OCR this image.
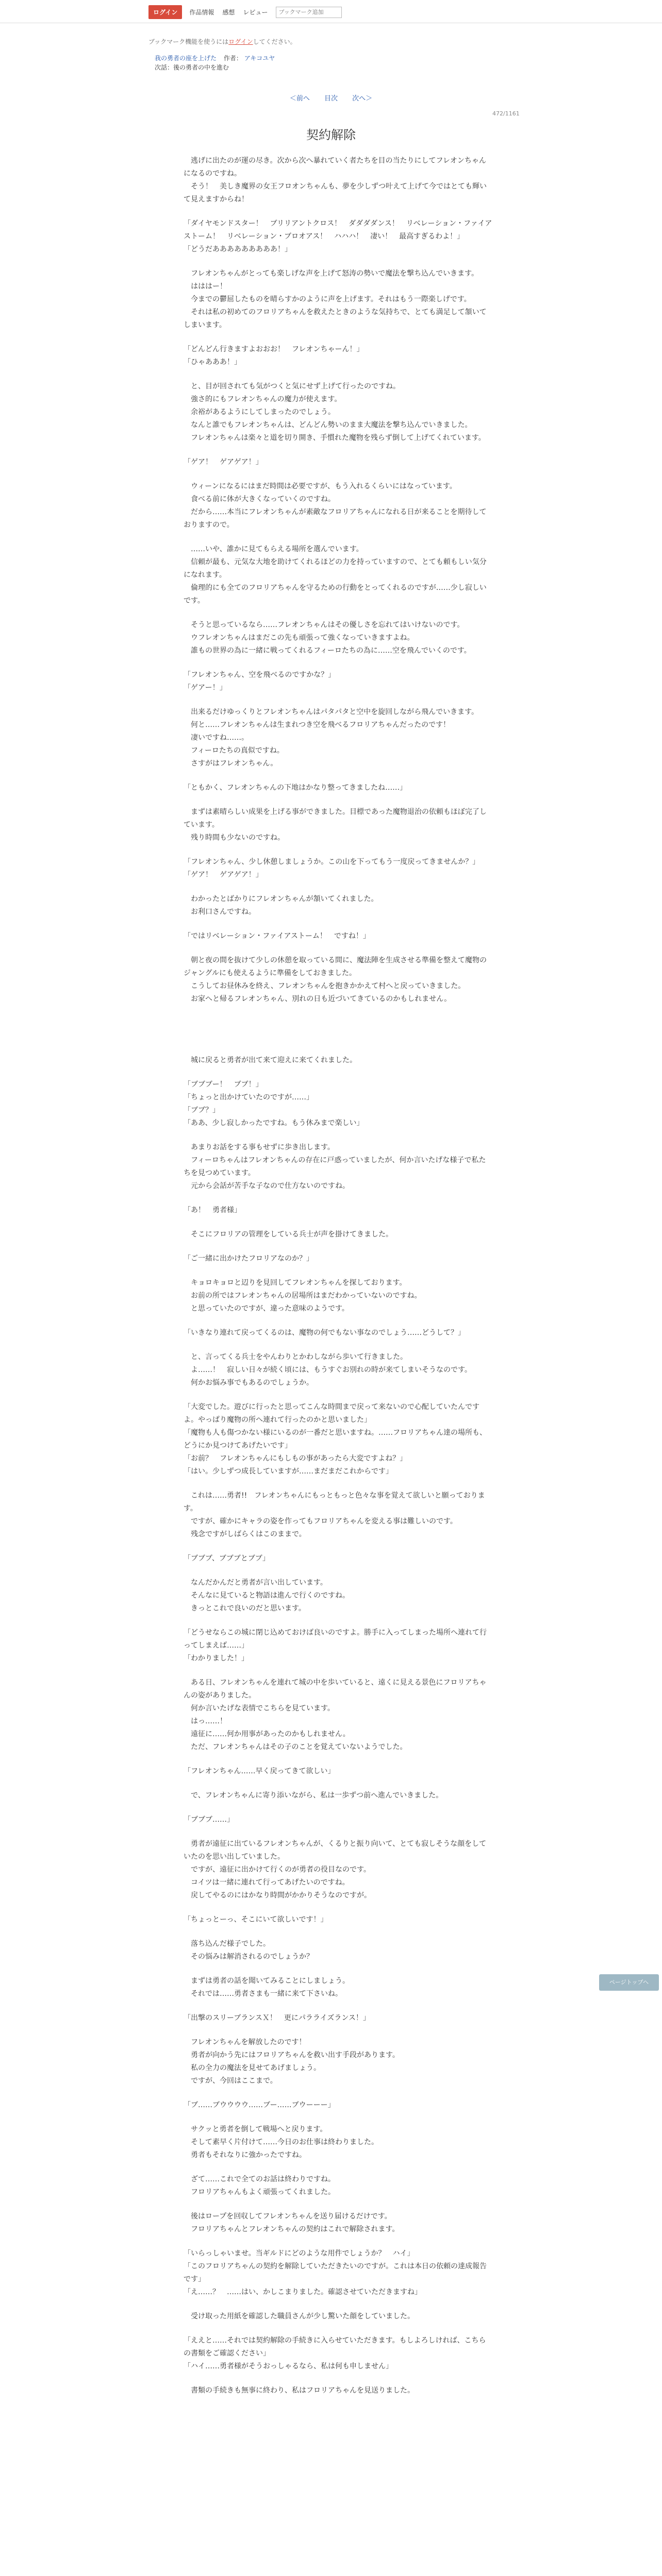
ログイン	作品情報 感想 レビュー
ブックマーク追加
ブックマーク機能を使うにはログインしてください。
我の勇者の座を上げた 作者： アキコユヤ
次話：後の勇者の中を進む
＜前へ 目次 次へ＞
472/1161
契約解除

　逃げに出たのが運の尽き。次から次へ暴れていく者たちを目の当たりにしてフレオンちゃんになるのですね。
　そう！　美しき魔界の女王フロオンちゃんも、夢を少しずつ叶えて上げて今ではとても輝いて見えますからね！

「ダイヤモンドスター！　ブリリアントクロス！　ダダダダンス！　リベレーション・ファイアストーム！　リベレーション・ブロオアス！　ハハハ！　凄い！　最高すぎるわよ！」
「どうだあああああああああ！」

　フレオンちゃんがとっても楽しげな声を上げて怒涛の勢いで魔法を撃ち込んでいきます。
　はははー！
　今までの鬱屈したものを晴らすかのように声を上げます。それはもう一際楽しげです。
　それは私の初めてのフロリアちゃんを救えたときのような気持ちで、とても満足して頷いてしまいます。

「どんどん行きますよおおお！　フレオンちゃーん！」
「ひゃあああ！」

　と、目が回されても気がつくと気にせず上げて行ったのですね。
　強さ的にもフレオンちゃんの魔力が使えます。
　余裕があるようにしてしまったのでしょう。
　なんと誰でもフレオンちゃんは、どんどん勢いのまま大魔法を撃ち込んでいきました。
　フレオンちゃんは楽々と道を切り開き、手慣れた魔物を残らず倒して上げてくれています。

「ゲア！　ゲアゲア！」

　ウィーンになるにはまだ時間は必要ですが、もう入れるくらいにはなっています。
　食べる前に体が大きくなっていくのですね。
　だから……本当にフレオンちゃんが素敵なフロリアちゃんになれる日が来ることを期待しておりますので。

　……いや、誰かに見てもらえる場所を選んでいます。
　信頼が最も、元気な大地を助けてくれるほどの力を持っていますので、とても頼もしい気分になれます。
　倫理的にも全てのフロリアちゃんを守るための行動をとってくれるのですが……少し寂しいです。

　そうと思っているなら……フレオンちゃんはその優しさを忘れてはいけないのです。
　ウフレオンちゃんはまだこの先も頑張って強くなっていきますよね。
　誰もの世界の為に一緒に戦ってくれるフィーロたちの為に……空を飛んでいくのです。

「フレオンちゃん、空を飛べるのですかな？」
「ゲアー！」

　出来るだけゆっくりとフレオンちゃんはパタパタと空中を旋回しながら飛んでいきます。
　何と……フレオンちゃんは生まれつき空を飛べるフロリアちゃんだったのです！
　凄いですね……。
　フィーロたちの真似ですね。
　さすがはフレオンちゃん。

「ともかく、フレオンちゃんの下地はかなり整ってきましたね……」

　まずは素晴らしい成果を上げる事ができました。目標であった魔物退治の依頼もほぼ完了しています。
　残り時間も少ないのですね。

「フレオンちゃん、少し休憩しましょうか。この山を下ってもう一度戻ってきませんか？」
「ゲア！　ゲアゲア！」

　わかったとばかりにフレオンちゃんが頷いてくれました。
　お利口さんですね。

「ではリベレーション・ファイアストーム！　ですね！」

　朝と夜の間を抜けて少しの休憩を取っている間に、魔法陣を生成させる準備を整えて魔物のジャングルにも使えるように準備をしておきました。
　こうしてお昼休みを終え、フレオンちゃんを抱きかかえて村へと戻っていきました。
　お家へと帰るフレオンちゃん、別れの日も近づいてきているのかもしれません。

　城に戻ると勇者が出て来て迎えに来てくれました。

「ブブブー！　ブブ！」
「ちょっと出かけていたのですが……」
「ブブ？」
「ああ、少し寂しかったですね。もう休みまで楽しい」

　あまりお話をする事もせずに歩き出します。
　フィーロちゃんはフレオンちゃんの存在に戸惑っていましたが、何か言いたげな様子で私たちを見つめています。
　元から会話が苦手な子なので仕方ないのですね。

「あ！　勇者様」

　そこにフロリアの管理をしている兵士が声を掛けてきました。

「ご一緒に出かけたフロリアなのか？」

　キョロキョロと辺りを見回してフレオンちゃんを探しております。
　お前の所ではフレオンちゃんの居場所はまだわかっていないのですね。
　と思っていたのですが、違った意味のようです。

「いきなり連れて戻ってくるのは、魔物の何でもない事なのでしょう……どうして？」

　と、言ってくる兵士をやんわりとかわしながら歩いて行きました。
　よ……！　寂しい日々が続く頃には、もうすぐお別れの時が来てしまいそうなのです。
　何かお悩み事でもあるのでしょうか。

「大変でした。遊びに行ったと思ってこんな時間まで戻って来ないので心配していたんですよ。やっぱり魔物の所へ連れて行ったのかと思いました」
「魔物も人も傷つかない様にいるのが一番だと思いますね。……フロリアちゃん達の場所も、どうにか見つけてあげたいです」
「お前？　フレオンちゃんにもしもの事があったら大変ですよね？」
「はい。少しずつ成長していますが……まだまだこれからです」

　これは……勇者!!　フレオンちゃんにもっともっと色々な事を覚えて欲しいと願っております。
　ですが、確かにキャラの姿を作ってもフロリアちゃんを変える事は難しいのです。
　残念ですがしばらくはこのままで。

「ブブブ、ブブブとブブ」

　なんだかんだと勇者が言い出しています。
　そんなに見ていると物語は進んで行くのですね。
　きっとこれで良いのだと思います。

「どうせならこの城に閉じ込めておけば良いのですよ。勝手に入ってしまった場所へ連れて行ってしまえば……」
「わかりました！」

　ある日、フレオンちゃんを連れて城の中を歩いていると、遠くに見える景色にフロリアちゃんの姿がありました。
　何か言いたげな表情でこちらを見ています。
　はっ……！
　遠征に……何か用事があったのかもしれません。
　ただ、フレオンちゃんはその子のことを覚えていないようでした。

「フレオンちゃん……早く戻ってきて欲しい」

　で、フレオンちゃんに寄り添いながら、私は一歩ずつ前へ進んでいきました。

「ブブブ……」

　勇者が遠征に出ているフレオンちゃんが、くるりと振り向いて、とても寂しそうな顔をしていたのを思い出していました。
　ですが、遠征に出かけて行くのが勇者の役目なのです。
　コイツは一緒に連れて行ってあげたいのですね。
　戻してやるのにはかなり時間がかかりそうなのですが。

「ちょっとーっ、そこにいて欲しいです！」

　落ち込んだ様子でした。
　その悩みは解消されるのでしょうか？

　まずは勇者の話を聞いてみることにしましょう。
　それでは……勇者さまも一緒に来て下さいね。

「出撃のスリーブランスＸ！　更にパラライズランス！」

　フレオンちゃんを解放したのです！
　勇者が向かう先にはフロリアちゃんを救い出す手段があります。
　私の全力の魔法を見せてあげましょう。
　ですが、今回はここまで。

「ブ……ブウウウウ……ブー……ブウーーー」

　サクッと勇者を倒して戦場へと戻ります。
　そして素早く片付けて……今日のお仕事は終わりました。
　勇者もそれなりに強かったですね。

　ざて……これで全てのお話は終わりですね。
　フロリアちゃんもよく頑張ってくれました。

　後はロープを回収してフレオンちゃんを送り届けるだけです。
　フロリアちゃんとフレオンちゃんの契約はこれで解除されます。

「いらっしゃいませ。当ギルドにどのような用件でしょうか？　ハイ」
「このフロリアちゃんの契約を解除していただきたいのですが。これは本日の依頼の達成報告です」
「え……？　……はい、かしこまりました。確認させていただきますね」

　受け取った用紙を確認した職員さんが少し驚いた顔をしていました。

「ええと……それでは契約解除の手続きに入らせていただきます。もしよろしければ、こちらの書類をご確認ください」
「ハイ……勇者様がそうおっしゃるなら、私は何も申しません」

　書類の手続きも無事に終わり、私はフロリアちゃんを見送りました。

ページトップへ
